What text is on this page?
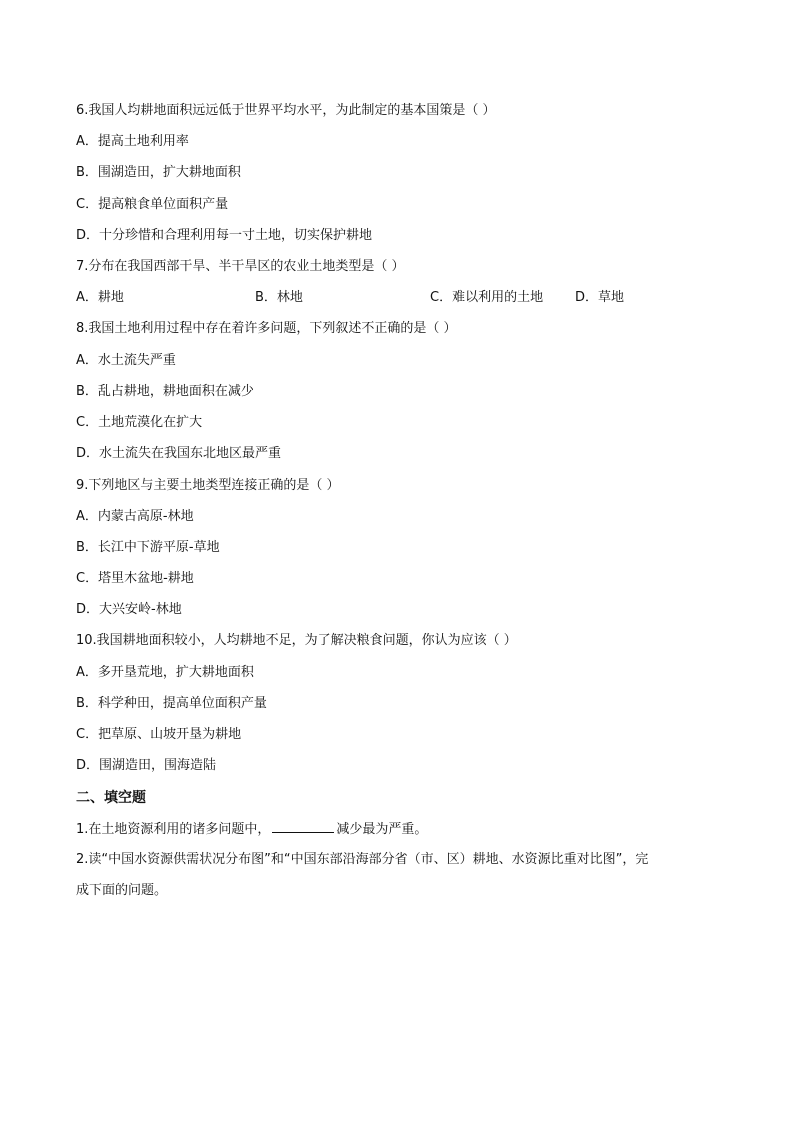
6.我国人均耕地面积远远低于世界平均水平，为此制定的基本国策是（ ）
A．提高土地利用率
B．围湖造田，扩大耕地面积
C．提高粮食单位面积产量
D．十分珍惜和合理利用每一寸土地，切实保护耕地
7.分布在我国西部干旱、半干旱区的农业土地类型是（ ）
A．耕地	B．林地	C．难以利用的土地 D．草地
8.我国土地利用过程中存在着许多问题，下列叙述不正确的是（ ）
A．水土流失严重
B．乱占耕地，耕地面积在减少
C．土地荒漠化在扩大
D．水土流失在我国东北地区最严重
9.下列地区与主要土地类型连接正确的是（ ）
A．内蒙古高原-林地
B．长江中下游平原-草地
C．塔里木盆地-耕地
D．大兴安岭-林地
10.我国耕地面积较小，人均耕地不足，为了解决粮食问题，你认为应该（ ）
A．多开垦荒地，扩大耕地面积
B．科学种田，提高单位面积产量
C．把草原、山坡开垦为耕地
D．围湖造田，围海造陆
二、填空题
1.在土地资源利用的诸多问题中，	减少最为严重。
2.读“中国水资源供需状况分布图”和“中国东部沿海部分省（市、区）耕地、水资源比重对比图”，完
成下面的问题。
